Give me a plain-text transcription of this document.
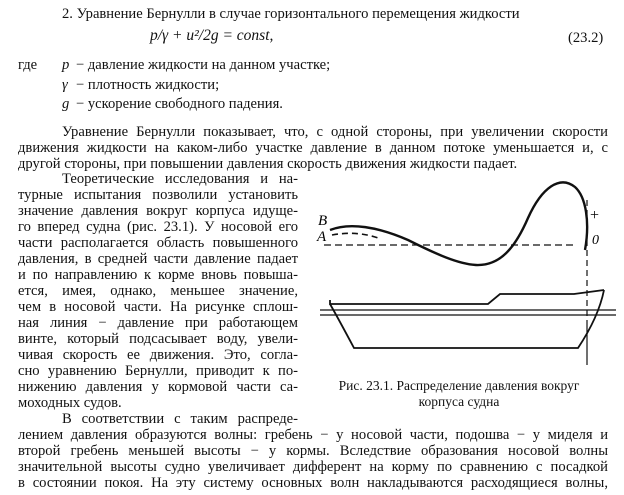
2. Уравнение Бернулли в случае горизонтального перемещения жидкости
p/γ + u²/2g = const,	(23.2)
где p − давление жидкости на данном участке;
γ − плотность жидкости;
g − ускорение свободного падения.
Уравнение Бернулли показывает, что, с одной стороны, при увеличении скорости
движения жидкости на каком-либо участке давление в данном потоке уменьшается и, с
другой стороны, при повышении давления скорость движения жидкости падает.
Теоретические исследования и на-
турные испытания позволили установить
значение давления вокруг корпуса идуще-
го вперед судна (рис. 23.1). У носовой его
части располагается область повышенного
давления, в средней части давление падает
и по направлению к корме вновь повыша-
ется, имея, однако, меньшее значение,
чем в носовой части. На рисунке сплош-
ная линия − давление при работающем
винте, который подсасывает воду, увели-
чивая скорость ее движения. Это, согла-
сно уравнению Бернулли, приводит к по-
нижению давления у кормовой части са-
моходных судов.
В соответствии с таким распреде-
лением давления образуются волны: гребень − у носовой части, подошва − у миделя и
второй гребень меньшей высоты − у кормы. Вследствие образования носовой волны
значительной высоты судно увеличивает дифферент на корму по сравнению с посадкой
в состоянии покоя. На эту систему основных волн накладываются расходящиеся волны,
B
A
+
0
Рис. 23.1. Распределение давления вокруг
корпуса судна
